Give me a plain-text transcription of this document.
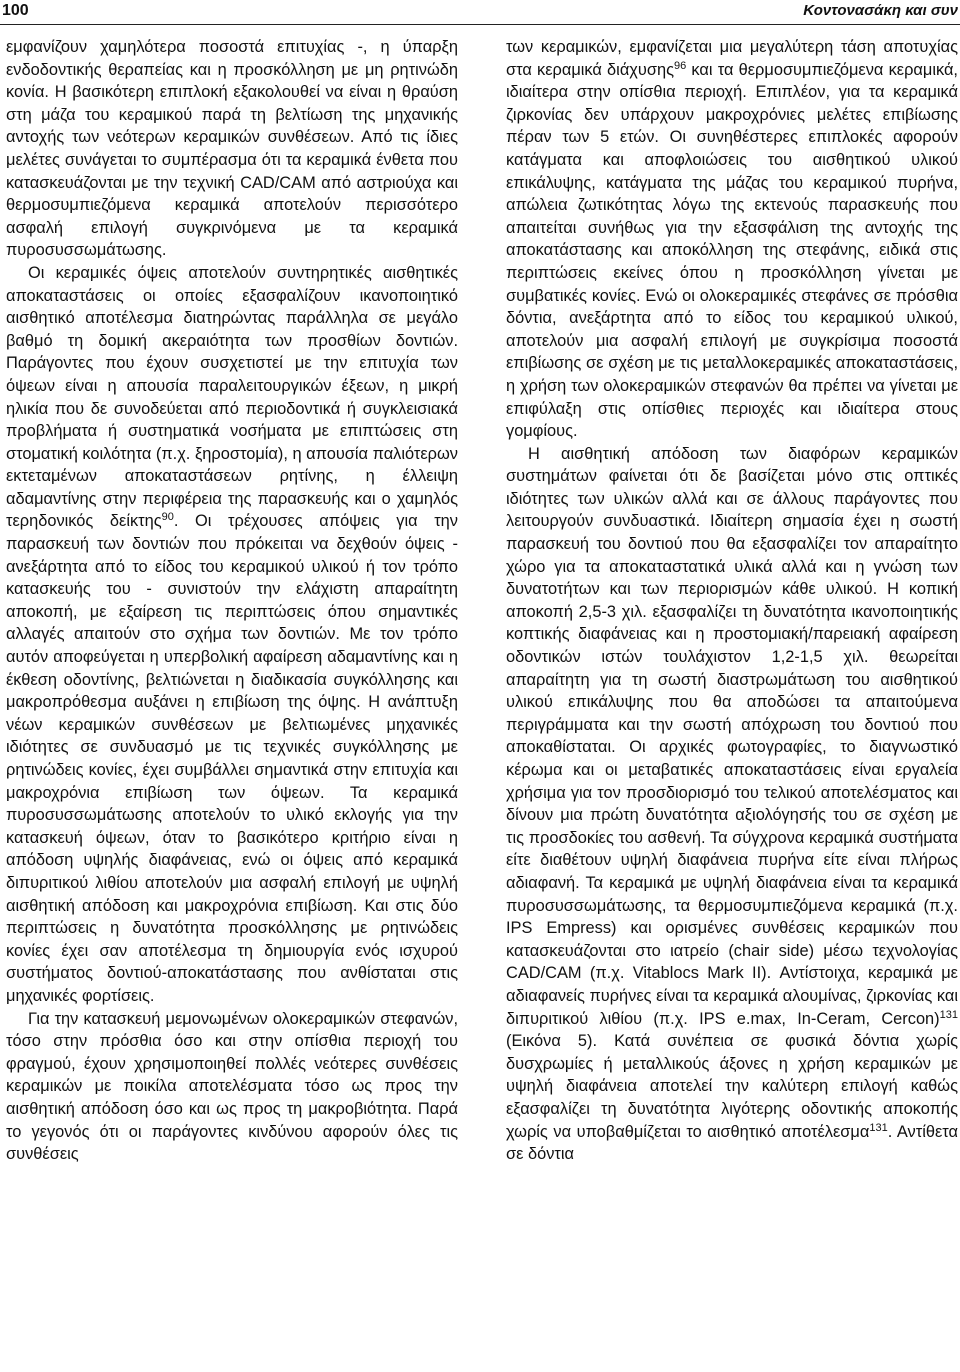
100	Κοντονασάκη και συν

εμφανίζουν χαμηλότερα ποσοστά επιτυχίας -, η ύπαρξη ενδοδοντικής θεραπείας και η προσκόλληση με μη ρητινώδη κονία. Η βασικότερη επιπλοκή εξακολουθεί να είναι η θραύση στη μάζα του κεραμικού παρά τη βελτίωση της μηχανικής αντοχής των νεότερων κεραμικών συνθέσεων. Από τις ίδιες μελέτες συνάγεται το συμπέρασμα ότι τα κεραμικά ένθετα που κατασκευάζονται με την τεχνική CAD/CAM από αστριούχα και θερμοσυμπιεζόμενα κεραμικά αποτελούν περισσότερο ασφαλή επιλογή συγκρινόμενα με τα κεραμικά πυροσυσσωμάτωσης.

Οι κεραμικές όψεις αποτελούν συντηρητικές αισθητικές αποκαταστάσεις οι οποίες εξασφαλίζουν ικανοποιητικό αισθητικό αποτέλεσμα διατηρώντας παράλληλα σε μεγάλο βαθμό τη δομική ακεραιότητα των προσθίων δοντιών. Παράγοντες που έχουν συσχετιστεί με την επιτυχία των όψεων είναι η απουσία παραλειτουργικών έξεων, η μικρή ηλικία που δε συνοδεύεται από περιοδοντικά ή συγκλεισιακά προβλήματα ή συστηματικά νοσήματα με επιπτώσεις στη στοματική κοιλότητα (π.χ. ξηροστομία), η απουσία παλιότερων εκτεταμένων αποκαταστάσεων ρητίνης, η έλλειψη αδαμαντίνης στην περιφέρεια της παρασκευής και ο χαμηλός τερηδονικός δείκτης$^{90}$. Οι τρέχουσες απόψεις για την παρασκευή των δοντιών που πρόκειται να δεχθούν όψεις - ανεξάρτητα από το είδος του κεραμικού υλικού ή τον τρόπο κατασκευής του - συνιστούν την ελάχιστη απαραίτητη αποκοπή, με εξαίρεση τις περιπτώσεις όπου σημαντικές αλλαγές απαιτούν στο σχήμα των δοντιών. Με τον τρόπο αυτόν αποφεύγεται η υπερβολική αφαίρεση αδαμαντίνης και η έκθεση οδοντίνης, βελτιώνεται η διαδικασία συγκόλλησης και μακροπρόθεσμα αυξάνει η επιβίωση της όψης. Η ανάπτυξη νέων κεραμικών συνθέσεων με βελτιωμένες μηχανικές ιδιότητες σε συνδυασμό με τις τεχνικές συγκόλλησης με ρητινώδεις κονίες, έχει συμβάλλει σημαντικά στην επιτυχία και μακροχρόνια επιβίωση των όψεων. Τα κεραμικά πυροσυσσωμάτωσης αποτελούν το υλικό εκλογής για την κατασκευή όψεων, όταν το βασικότερο κριτήριο είναι η απόδοση υψηλής διαφάνειας, ενώ οι όψεις από κεραμικά διπυριτικού λιθίου αποτελούν μια ασφαλή επιλογή με υψηλή αισθητική απόδοση και μακροχρόνια επιβίωση. Και στις δύο περιπτώσεις η δυνατότητα προσκόλλησης με ρητινώδεις κονίες έχει σαν αποτέλεσμα τη δημιουργία ενός ισχυρού συστήματος δοντιού-αποκατάστασης που ανθίσταται στις μηχανικές φορτίσεις.

Για την κατασκευή μεμονωμένων ολοκεραμικών στεφανών, τόσο στην πρόσθια όσο και στην οπίσθια περιοχή του φραγμού, έχουν χρησιμοποιηθεί πολλές νεότερες συνθέσεις κεραμικών με ποικίλα αποτελέσματα τόσο ως προς την αισθητική απόδοση όσο και ως προς τη μακροβιότητα. Παρά το γεγονός ότι οι παράγοντες κινδύνου αφορούν όλες τις συνθέσεις

των κεραμικών, εμφανίζεται μια μεγαλύτερη τάση αποτυχίας στα κεραμικά διάχυσης$^{96}$ και τα θερμοσυμπιεζόμενα κεραμικά, ιδιαίτερα στην οπίσθια περιοχή. Επιπλέον, για τα κεραμικά ζιρκονίας δεν υπάρχουν μακροχρόνιες μελέτες επιβίωσης πέραν των 5 ετών. Οι συνηθέστερες επιπλοκές αφορούν κατάγματα και αποφλοιώσεις του αισθητικού υλικού επικάλυψης, κατάγματα της μάζας του κεραμικού πυρήνα, απώλεια ζωτικότητας λόγω της εκτενούς παρασκευής που απαιτείται συνήθως για την εξασφάλιση της αντοχής της αποκατάστασης και αποκόλληση της στεφάνης, ειδικά στις περιπτώσεις εκείνες όπου η προσκόλληση γίνεται με συμβατικές κονίες. Ενώ οι ολοκεραμικές στεφάνες σε πρόσθια δόντια, ανεξάρτητα από το είδος του κεραμικού υλικού, αποτελούν μια ασφαλή επιλογή με συγκρίσιμα ποσοστά επιβίωσης σε σχέση με τις μεταλλοκεραμικές αποκαταστάσεις, η χρήση των ολοκεραμικών στεφανών θα πρέπει να γίνεται με επιφύλαξη στις οπίσθιες περιοχές και ιδιαίτερα στους γομφίους.

Η αισθητική απόδοση των διαφόρων κεραμικών συστημάτων φαίνεται ότι δε βασίζεται μόνο στις οπτικές ιδιότητες των υλικών αλλά και σε άλλους παράγοντες που λειτουργούν συνδυαστικά. Ιδιαίτερη σημασία έχει η σωστή παρασκευή του δοντιού που θα εξασφαλίζει τον απαραίτητο χώρο για τα αποκαταστατικά υλικά αλλά και η γνώση των δυνατοτήτων και των περιορισμών κάθε υλικού. Η κοπική αποκοπή 2,5-3 χιλ. εξασφαλίζει τη δυνατότητα ικανοποιητικής κοπτικής διαφάνειας και η προστομιακή/παρειακή αφαίρεση οδοντικών ιστών τουλάχιστον 1,2-1,5 χιλ. θεωρείται απαραίτητη για τη σωστή διαστρωμάτωση του αισθητικού υλικού επικάλυψης που θα αποδώσει τα απαιτούμενα περιγράμματα και την σωστή απόχρωση του δοντιού που αποκαθίσταται. Οι αρχικές φωτογραφίες, το διαγνωστικό κέρωμα και οι μεταβατικές αποκαταστάσεις είναι εργαλεία χρήσιμα για τον προσδιορισμό του τελικού αποτελέσματος και δίνουν μια πρώτη δυνατότητα αξιολόγησής του σε σχέση με τις προσδοκίες του ασθενή. Τα σύγχρονα κεραμικά συστήματα είτε διαθέτουν υψηλή διαφάνεια πυρήνα είτε είναι πλήρως αδιαφανή. Τα κεραμικά με υψηλή διαφάνεια είναι τα κεραμικά πυροσυσσωμάτωσης, τα θερμοσυμπιεζόμενα κεραμικά (π.χ. IPS Empress) και ορισμένες συνθέσεις κεραμικών που κατασκευάζονται στο ιατρείο (chair side) μέσω τεχνολογίας CAD/CAM (π.χ. Vitablocs Mark II). Αντίστοιχα, κεραμικά με αδιαφανείς πυρήνες είναι τα κεραμικά αλουμίνας, ζιρκονίας και διπυριτικού λιθίου (π.χ. IPS e.max, In-Ceram, Cercon)$^{131}$ (Εικόνα 5). Κατά συνέπεια σε φυσικά δόντια χωρίς δυσχρωμίες ή μεταλλικούς άξονες η χρήση κεραμικών με υψηλή διαφάνεια αποτελεί την καλύτερη επιλογή καθώς εξασφαλίζει τη δυνατότητα λιγότερης οδοντικής αποκοπής χωρίς να υποβαθμίζεται το αισθητικό αποτέλεσμα$^{131}$. Αντίθετα σε δόντια
